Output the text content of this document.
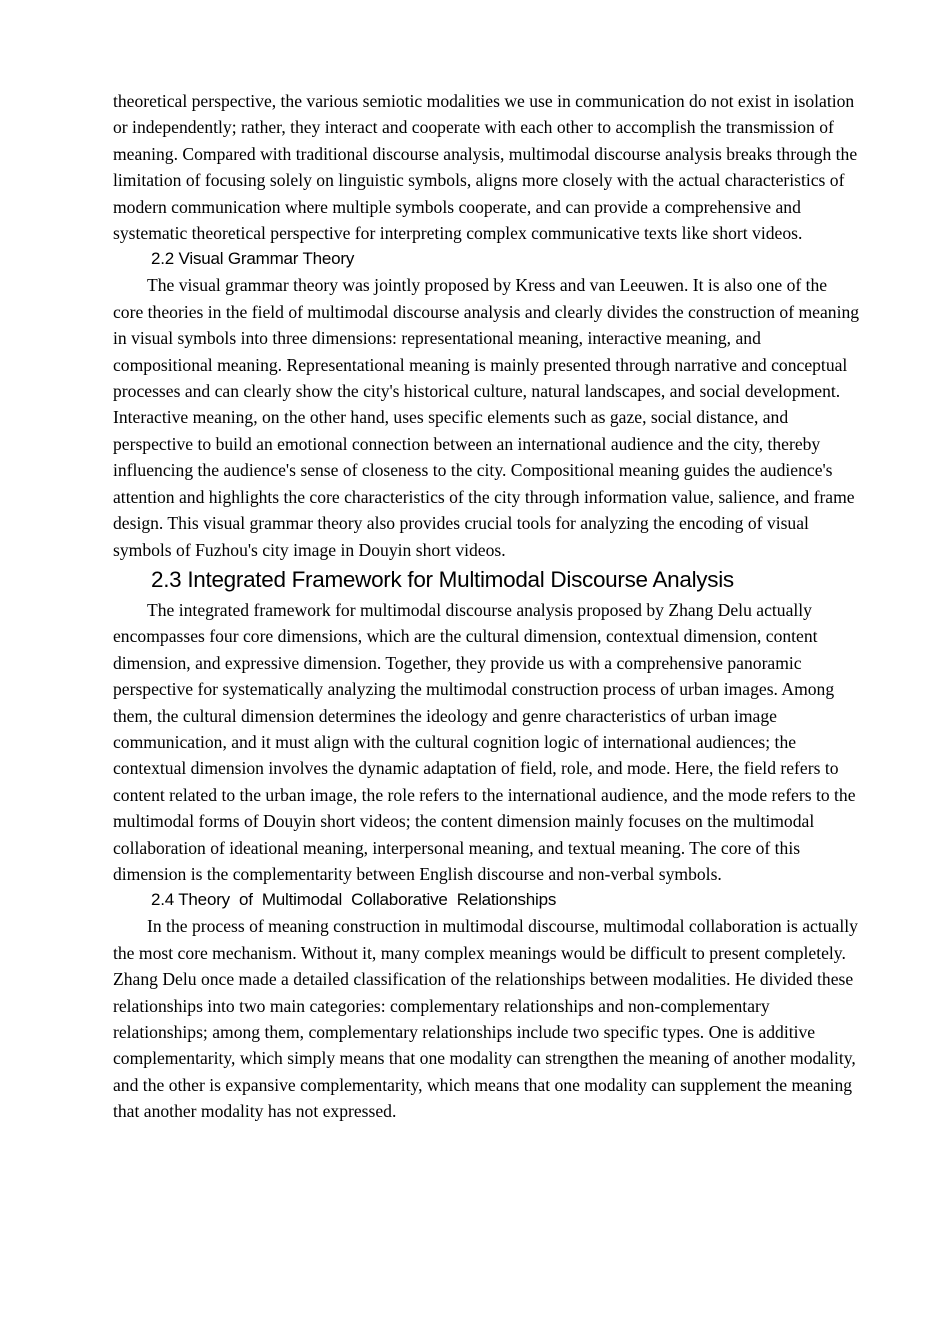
theoretical perspective, the various semiotic modalities we use in communication do not exist in isolation or independently; rather, they interact and cooperate with each other to accomplish the transmission of meaning. Compared with traditional discourse analysis, multimodal discourse analysis breaks through the limitation of focusing solely on linguistic symbols, aligns more closely with the actual characteristics of modern communication where multiple symbols cooperate, and can provide a comprehensive and systematic theoretical perspective for interpreting complex communicative texts like short videos.

2.2 Visual Grammar Theory

The visual grammar theory was jointly proposed by Kress and van Leeuwen. It is also one of the core theories in the field of multimodal discourse analysis and clearly divides the construction of meaning in visual symbols into three dimensions: representational meaning, interactive meaning, and compositional meaning. Representational meaning is mainly presented through narrative and conceptual processes and can clearly show the city's historical culture, natural landscapes, and social development. Interactive meaning, on the other hand, uses specific elements such as gaze, social distance, and perspective to build an emotional connection between an international audience and the city, thereby influencing the audience's sense of closeness to the city. Compositional meaning guides the audience's attention and highlights the core characteristics of the city through information value, salience, and frame design. This visual grammar theory also provides crucial tools for analyzing the encoding of visual symbols of Fuzhou's city image in Douyin short videos.

2.3 Integrated Framework for Multimodal Discourse Analysis

The integrated framework for multimodal discourse analysis proposed by Zhang Delu actually encompasses four core dimensions, which are the cultural dimension, contextual dimension, content dimension, and expressive dimension. Together, they provide us with a comprehensive panoramic perspective for systematically analyzing the multimodal construction process of urban images. Among them, the cultural dimension determines the ideology and genre characteristics of urban image communication, and it must align with the cultural cognition logic of international audiences; the contextual dimension involves the dynamic adaptation of field, role, and mode. Here, the field refers to content related to the urban image, the role refers to the international audience, and the mode refers to the multimodal forms of Douyin short videos; the content dimension mainly focuses on the multimodal collaboration of ideational meaning, interpersonal meaning, and textual meaning. The core of this dimension is the complementarity between English discourse and non-verbal symbols.

2.4 Theory  of  Multimodal  Collaborative  Relationships

In the process of meaning construction in multimodal discourse, multimodal collaboration is actually the most core mechanism. Without it, many complex meanings would be difficult to present completely. Zhang Delu once made a detailed classification of the relationships between modalities. He divided these relationships into two main categories: complementary relationships and non-complementary relationships; among them, complementary relationships include two specific types. One is additive complementarity, which simply means that one modality can strengthen the meaning of another modality, and the other is expansive complementarity, which means that one modality can supplement the meaning that another modality has not expressed.
